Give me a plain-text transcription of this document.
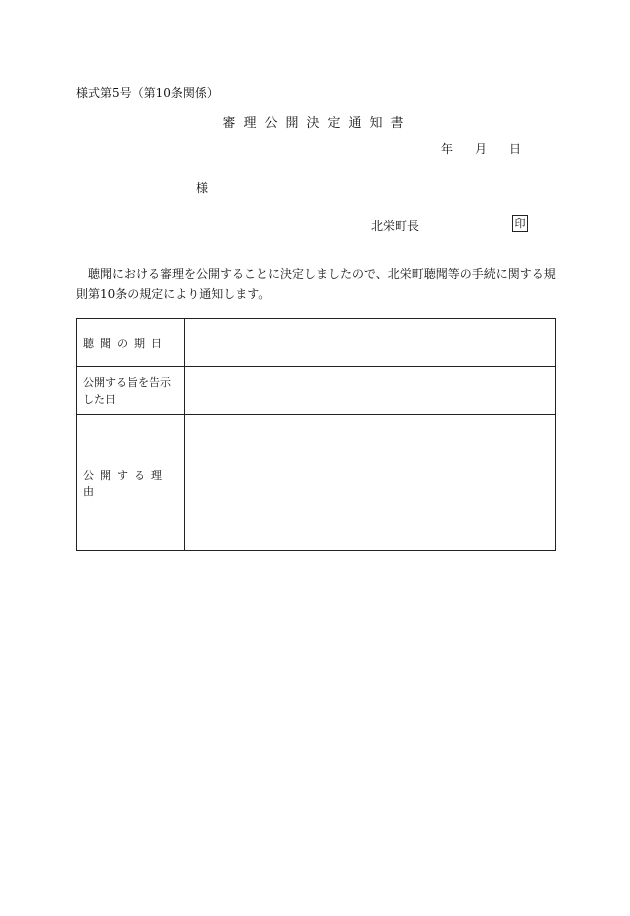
様式第5号（第10条関係）
審理公開決定通知書
年 月 日
様
北栄町長	印
聴聞における審理を公開することに決定しましたので、北栄町聴聞等の手続に関する規則第10条の規定により通知します。
聴聞の期日	
公開する旨を告示した日	
公開する理由	
